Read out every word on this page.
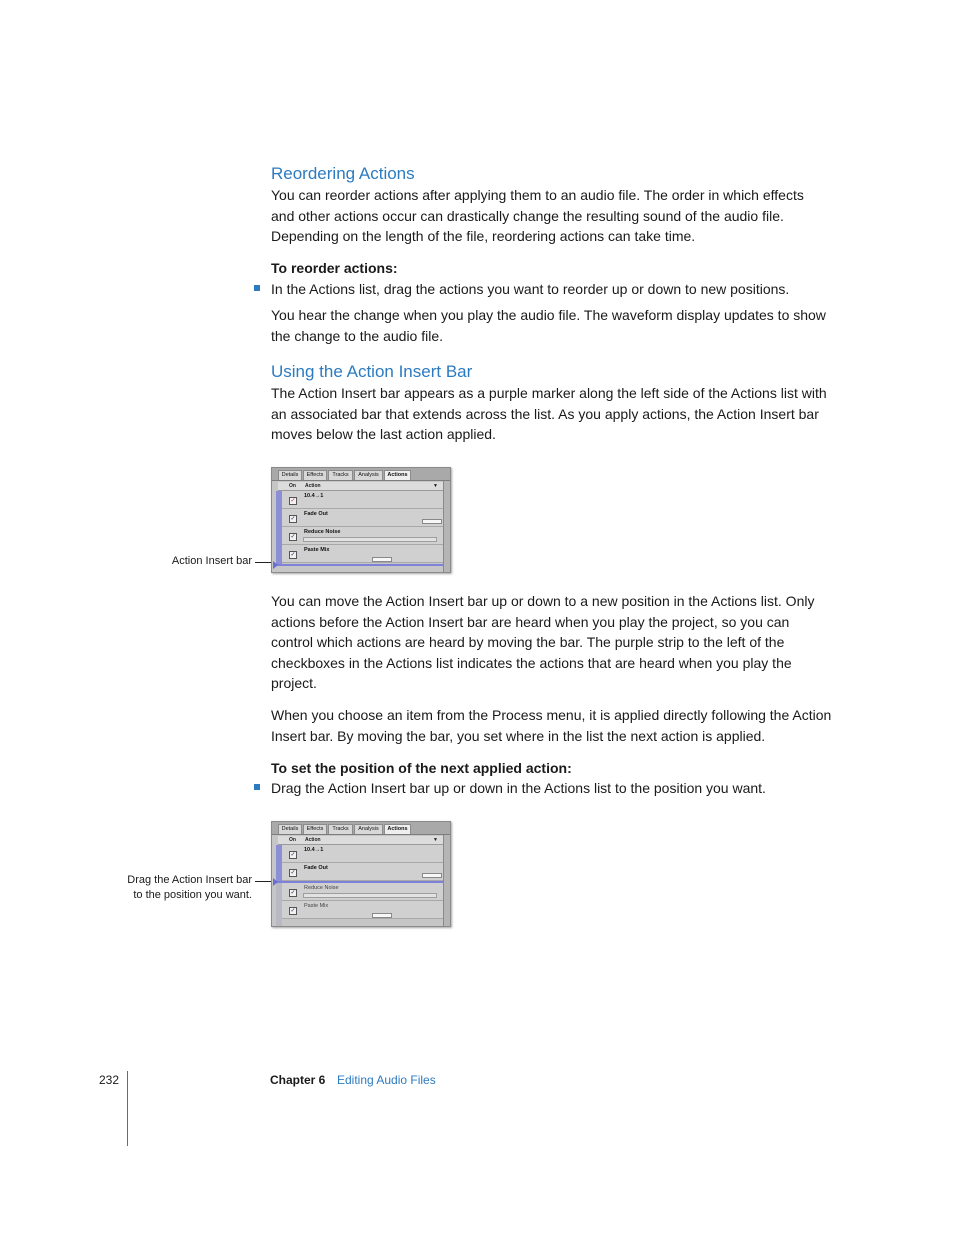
Reordering Actions

You can reorder actions after applying them to an audio file. The order in which effects and other actions occur can drastically change the resulting sound of the audio file. Depending on the length of the file, reordering actions can take time.

To reorder actions:

In the Actions list, drag the actions you want to reorder up or down to new positions.

You hear the change when you play the audio file. The waveform display updates to show the change to the audio file.

Using the Action Insert Bar

The Action Insert bar appears as a purple marker along the left side of the Actions list with an associated bar that extends across the list. As you apply actions, the Action Insert bar moves below the last action applied.

Action Insert bar
Details	Effects	Tracks	Analysis	Actions
On Action	▼
✓
10.4→1
✓
Fade Out
✓
Reduce Noise
✓
Paste Mix

You can move the Action Insert bar up or down to a new position in the Actions list. Only actions before the Action Insert bar are heard when you play the project, so you can control which actions are heard by moving the bar. The purple strip to the left of the checkboxes in the Actions list indicates the actions that are heard when you play the project.

When you choose an item from the Process menu, it is applied directly following the Action Insert bar. By moving the bar, you set where in the list the next action is applied.

To set the position of the next applied action:

Drag the Action Insert bar up or down in the Actions list to the position you want.

Drag the Action Insert bar
to the position you want.
Details	Effects	Tracks	Analysis	Actions
On Action	▼
✓
10.4→1
✓
Fade Out
✓
Reduce Noise
✓
Paste Mix
232	Chapter 6 Editing Audio Files
